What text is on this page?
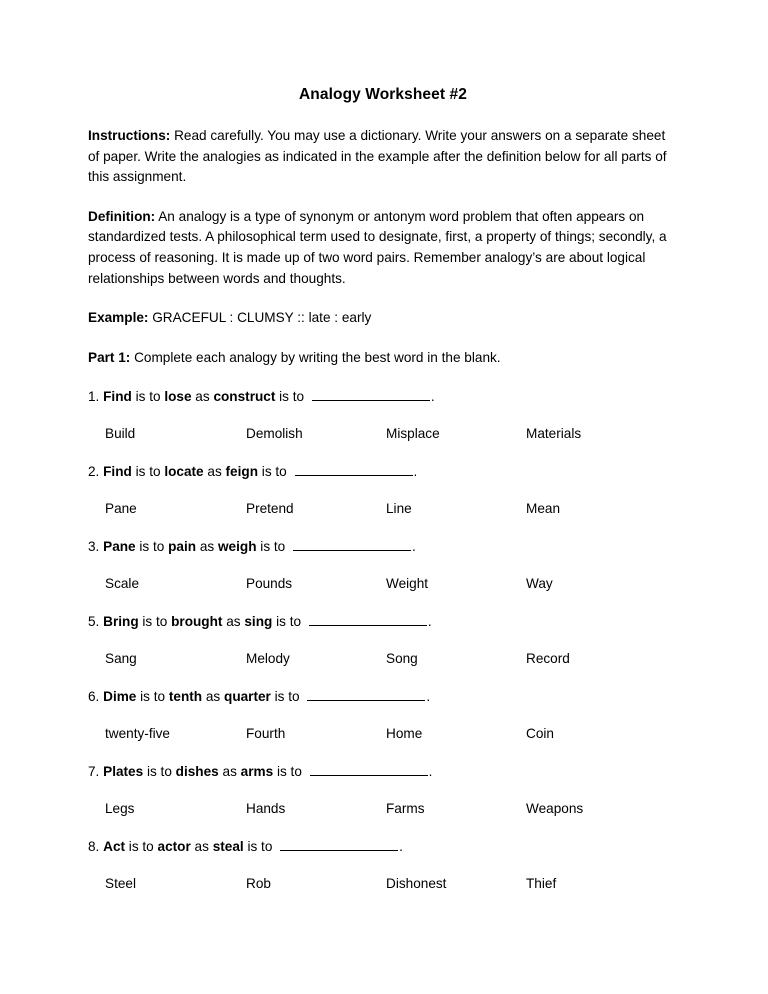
Analogy Worksheet #2

Instructions: Read carefully. You may use a dictionary. Write your answers on a separate sheet of paper. Write the analogies as indicated in the example after the definition below for all parts of this assignment.

Definition: An analogy is a type of synonym or antonym word problem that often appears on standardized tests. A philosophical term used to designate, first, a property of things; secondly, a process of reasoning. It is made up of two word pairs. Remember analogy’s are about logical relationships between words and thoughts.

Example: GRACEFUL : CLUMSY :: late : early

Part 1: Complete each analogy by writing the best word in the blank.

1. Find is to lose as construct is to	.
Build	Demolish	Misplace	Materials
2. Find is to locate as feign is to	.
Pane	Pretend	Line	Mean
3. Pane is to pain as weigh is to	.
Scale	Pounds	Weight	Way
5. Bring is to brought as sing is to	.
Sang	Melody	Song	Record
6. Dime is to tenth as quarter is to	.
twenty-five	Fourth	Home	Coin
7. Plates is to dishes as arms is to	.
Legs	Hands	Farms	Weapons
8. Act is to actor as steal is to	.
Steel	Rob	Dishonest	Thief
